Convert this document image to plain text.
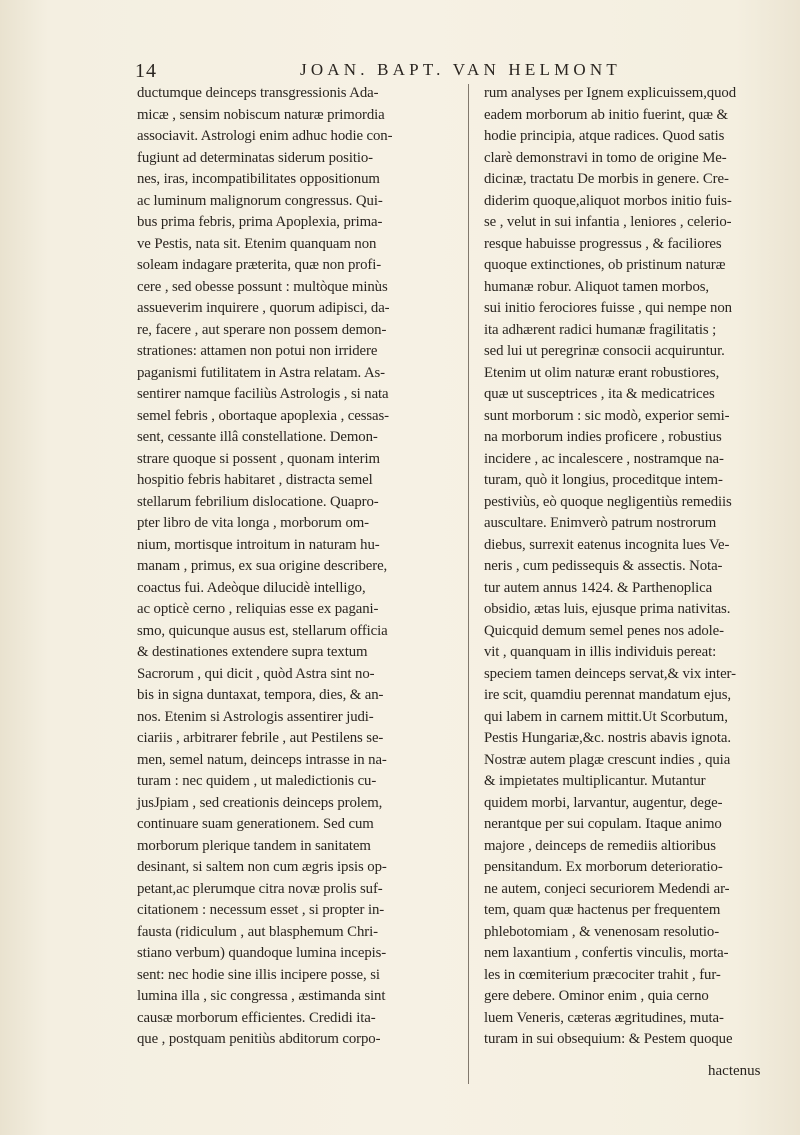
14	JOAN. BAPT. VAN HELMONT
ductumque deinceps transgressionis Ada-
micæ , sensim nobiscum naturæ primordia
associavit. Astrologi enim adhuc hodie con-
fugiunt ad determinatas siderum positio-
nes, iras, incompatibilitates oppositionum
ac luminum malignorum congressus. Qui-
bus prima febris, prima Apoplexia, prima-
ve Pestis, nata sit. Etenim quanquam non
soleam indagare præterita, quæ non profi-
cere , sed obesse possunt : multòque minùs
assueverim inquirere , quorum adipisci, da-
re, facere , aut sperare non possem demon-
strationes: attamen non potui non irridere
paganismi futilitatem in Astra relatam. As-
sentirer namque faciliùs Astrologis , si nata
semel febris , obortaque apoplexia , cessas-
sent, cessante illâ constellatione. Demon-
strare quoque si possent , quonam interim
hospitio febris habitaret , distracta semel
stellarum febrilium dislocatione. Quapro-
pter libro de vita longa , morborum om-
nium, mortisque introitum in naturam hu-
manam , primus, ex sua origine describere,
coactus fui. Adeòque dilucidè intelligo,
ac opticè cerno , reliquias esse ex pagani-
smo, quicunque ausus est, stellarum officia
& destinationes extendere supra textum
Sacrorum , qui dicit , quòd Astra sint no-
bis in signa duntaxat, tempora, dies, & an-
nos. Etenim si Astrologis assentirer judi-
ciariis , arbitrarer febrile , aut Pestilens se-
men, semel natum, deinceps intrasse in na-
turam : nec quidem , ut maledictionis cu-
jusJpiam , sed creationis deinceps prolem,
continuare suam generationem. Sed cum
morborum plerique tandem in sanitatem
desinant, si saltem non cum ægris ipsis op-
petant,ac plerumque citra novæ prolis suf-
citationem : necessum esset , si propter in-
fausta (ridiculum , aut blasphemum Chri-
stiano verbum) quandoque lumina incepis-
sent: nec hodie sine illis incipere posse, si
lumina illa , sic congressa , æstimanda sint
causæ morborum efficientes. Credidi ita-
que , postquam penitiùs abditorum corpo-
rum analyses per Ignem explicuissem,quod
eadem morborum ab initio fuerint, quæ &
hodie principia, atque radices. Quod satis
clarè demonstravi in tomo de origine Me-
dicinæ, tractatu De morbis in genere. Cre-
diderim quoque,aliquot morbos initio fuis-
se , velut in sui infantia , leniores , celerio-
resque habuisse progressus , & faciliores
quoque extinctiones, ob pristinum naturæ
humanæ robur. Aliquot tamen morbos,
sui initio ferociores fuisse , qui nempe non
ita adhærent radici humanæ fragilitatis ;
sed lui ut peregrinæ consocii acquiruntur.
Etenim ut olim naturæ erant robustiores,
quæ ut susceptrices , ita & medicatrices
sunt morborum : sic modò, experior semi-
na morborum indies proficere , robustius
incidere , ac incalescere , nostramque na-
turam, quò it longius, proceditque intem-
pestiviùs, eò quoque negligentiùs remediis
auscultare. Enimverò patrum nostrorum
diebus, surrexit eatenus incognita lues Ve-
neris , cum pedissequis & assectis. Nota-
tur autem annus 1424. & Parthenoplica
obsidio, ætas luis, ejusque prima nativitas.
Quicquid demum semel penes nos adole-
vit , quanquam in illis individuis pereat:
speciem tamen deinceps servat,& vix inter-
ire scit, quamdiu perennat mandatum ejus,
qui labem in carnem mittit.Ut Scorbutum,
Pestis Hungariæ,&c. nostris abavis ignota.
Nostræ autem plagæ crescunt indies , quia
& impietates multiplicantur. Mutantur
quidem morbi, larvantur, augentur, dege-
nerantque per sui copulam. Itaque animo
majore , deinceps de remediis altioribus
pensitandum. Ex morborum deterioratio-
ne autem, conjeci securiorem Medendi ar-
tem, quam quæ hactenus per frequentem
phlebotomiam , & venenosam resolutio-
nem laxantium , confertis vinculis, morta-
les in cœmiterium præcociter trahit , fur-
gere debere. Ominor enim , quia cerno
luem Veneris, cæteras ægritudines, muta-
turam in sui obsequium: & Pestem quoque
hactenus
